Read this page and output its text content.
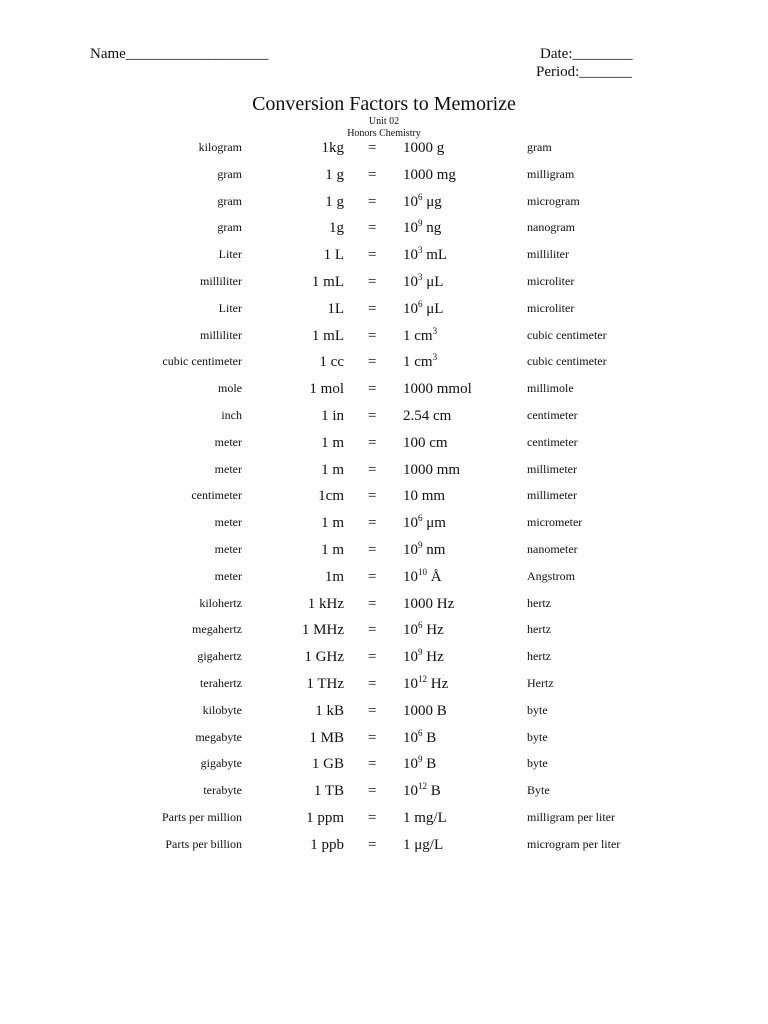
Name___________________	Date:________
Period:_______
Conversion Factors to Memorize
Unit 02
Honors Chemistry
kilogram	1kg = 1000 g	gram
gram	1 g = 1000 mg	milligram
gram	1 $g = 10^6$ μg	microgram
gram	$1g = 10^9$ ng	nanogram
Liter	1 $L = 10^3$ mL	milliliter
milliliter	1 mL = $10^3$ μL	microliter
Liter	$1L = 10^6$ μL	microliter
milliliter	1 mL = 1 $cm^3$	cubic centimeter
cubic centimeter	1 cc = 1 $cm^3$	cubic centimeter
mole	1 mol = 1000 mmol	millimole
inch	1 in = 2.54 cm	centimeter
meter	1 m = 100 cm	centimeter
meter	1 m = 1000 mm	millimeter
centimeter	1cm = 10 mm	millimeter
meter	1 $m = 10^6$ μm	micrometer
meter	1 $m = 10^9$ nm	nanometer
meter	$1m = 10^{10}$ Å	Angstrom
kilohertz	1 kHz = 1000 Hz	hertz
megahertz	1 MHz = $10^6$ Hz	hertz
gigahertz	1 GHz = $10^9$ Hz	hertz
terahertz	1 THz = $10^{12}$ Hz	Hertz
kilobyte	1 kB = 1000 B	byte
megabyte	1 MB = $10^6$ B	byte
gigabyte	1 GB = $10^9$ B	byte
terabyte	1 TB = $10^{12}$ B	Byte
Parts per million	1 ppm = 1 mg/L	milligram per liter
Parts per billion	1 ppb = 1 μg/L	microgram per liter
